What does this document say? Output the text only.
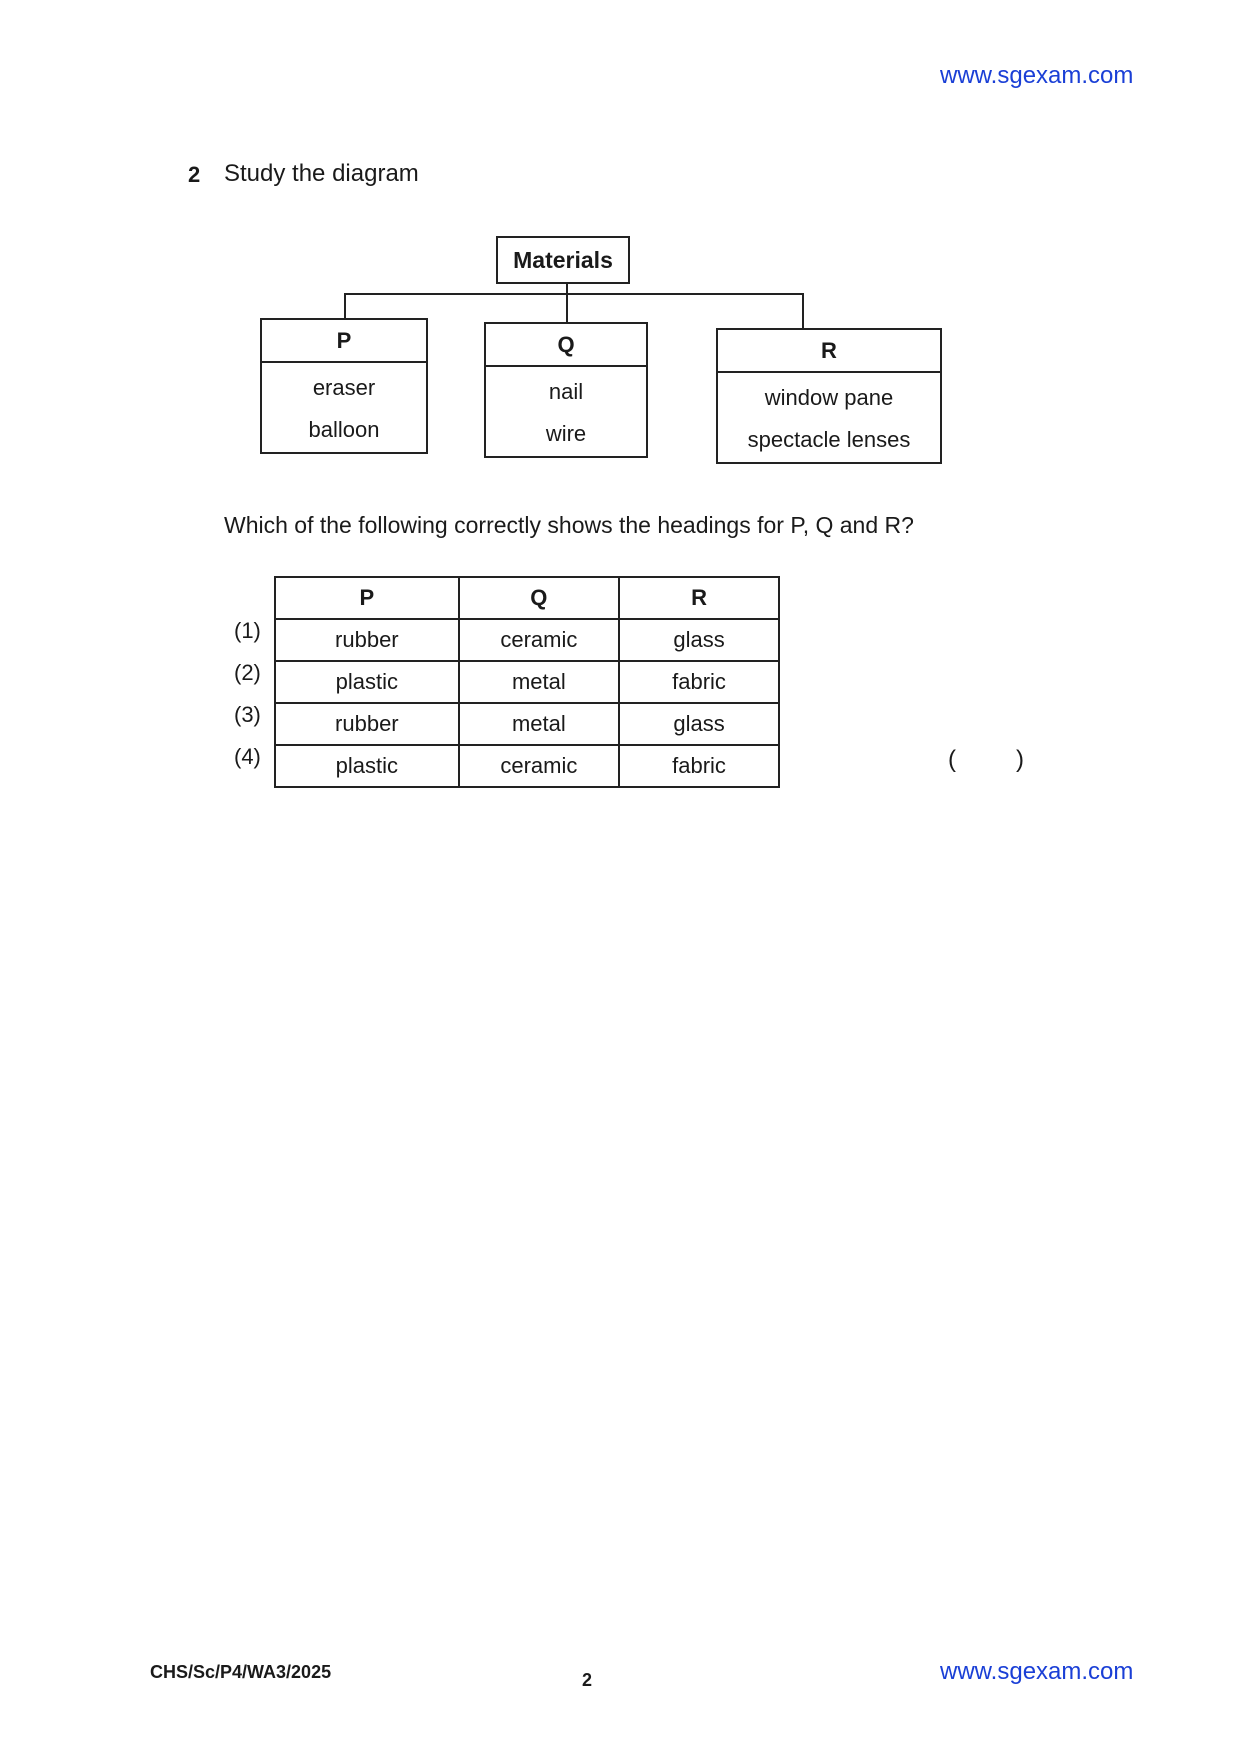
www.sgexam.com
2 Study the diagram
Materials
P
eraser
balloon
Q
nail
wire
R
window pane
spectacle lenses
Which of the following correctly shows the headings for P, Q and R?
(1)
(2)
(3)
(4)
P	Q	R
rubber	ceramic	glass
plastic	metal	fabric
rubber	metal	glass
plastic	ceramic	fabric	(	)
CHS/Sc/P4/WA3/2025	2	www.sgexam.com
